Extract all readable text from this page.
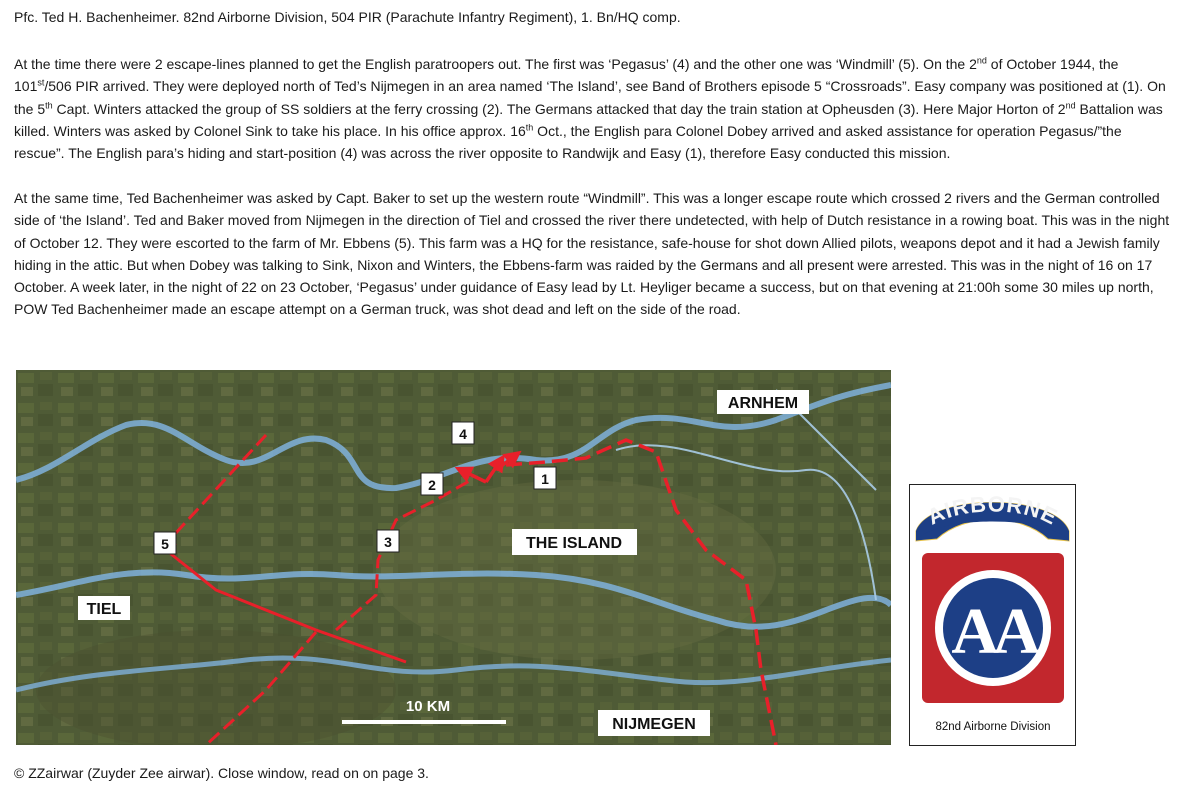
Pfc. Ted H. Bachenheimer. 82nd Airborne Division, 504 PIR (Parachute Infantry Regiment), 1. Bn/HQ comp.
At the time there were 2 escape-lines planned to get the English paratroopers out. The first was ‘Pegasus’ (4) and the other one was ‘Windmill’ (5). On the 2nd of October 1944, the 101st/506 PIR arrived. They were deployed north of Ted’s Nijmegen in an area named ‘The Island’, see Band of Brothers episode 5 “Crossroads”. Easy company was positioned at (1). On the 5th Capt. Winters attacked the group of SS soldiers at the ferry crossing (2). The Germans attacked that day the train station at Opheusden (3). Here Major Horton of 2nd Battalion was killed. Winters was asked by Colonel Sink to take his place. In his office approx. 16th Oct., the English para Colonel Dobey arrived and asked assistance for operation Pegasus/”the rescue”. The English para’s hiding and start-position (4) was across the river opposite to Randwijk and Easy (1), therefore Easy conducted this mission.
At the same time, Ted Bachenheimer was asked by Capt. Baker to set up the western route “Windmill”. This was a longer escape route which crossed 2 rivers and the German controlled side of ‘the Island’. Ted and Baker moved from Nijmegen in the direction of Tiel and crossed the river there undetected, with help of Dutch resistance in a rowing boat. This was in the night of October 12. They were escorted to the farm of Mr. Ebbens (5). This farm was a HQ for the resistance, safe-house for shot down Allied pilots, weapons depot and it had a Jewish family hiding in the attic. But when Dobey was talking to Sink, Nixon and Winters, the Ebbens-farm was raided by the Germans and all present were arrested. This was in the night of 16 on 17 October. A week later, in the night of 22 on 23 October, ‘Pegasus’ under guidance of Easy lead by Lt. Heyliger became a success, but on that evening at 21:00h some 30 miles up north, POW Ted Bachenheimer made an escape attempt on a German truck, was shot dead and left on the side of the road.
ARNHEM
THE ISLAND
TIEL
NIJMEGEN
10 KM
1
2
3
4
5
AIRBORNE
AA
82nd Airborne Division
© ZZairwar (Zuyder Zee airwar). Close window, read on on page 3.
